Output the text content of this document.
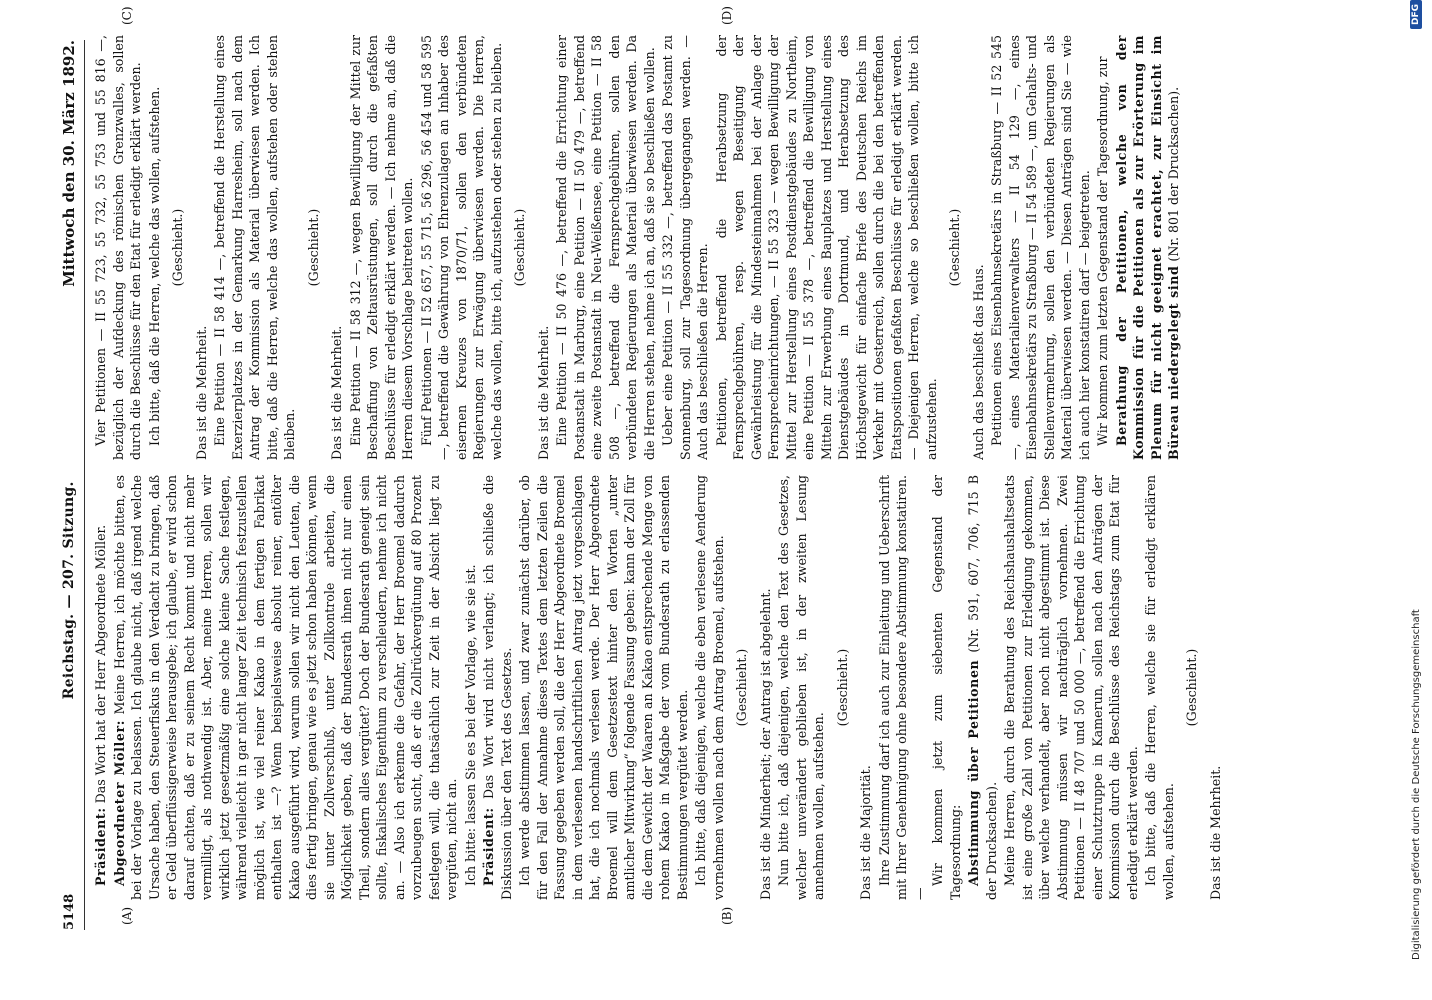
5148
Reichstag. — 207. Sitzung.
Mittwoch den 30. März 1892.
(A)	(B)
(C)	(D)

Präsident: Das Wort hat der Herr Abgeordnete Möller. Abgeordneter Möller: Meine Herren, ich möchte bitten, es bei der Vorlage zu belassen. Ich glaube nicht, daß irgend welche Ursache haben, den Steuerfiskus in den Verdacht zu bringen, daß er Geld überflüssigerweise herausgebe; ich glaube, er wird schon darauf achten, daß er zu seinem Recht kommt und nicht mehr vermilligt, als nothwendig ist. Aber, meine Herren, sollen wir wirklich jetzt gesetzmäßig eine solche kleine Sache festlegen, während vielleicht in gar nicht langer Zeit technisch festzustellen möglich ist, wie viel reiner Kakao in dem fertigen Fabrikat enthalten ist —? Wenn beispielsweise absolut reiner, entölter Kakao ausgeführt wird, warum sollen wir nicht den Leuten, die dies fertig bringen, genau wie es jetzt schon haben können, wenn sie unter Zollverschluß, unter Zollkontrole arbeiten, die Möglichkeit geben, daß der Bundesrath ihnen nicht nur einen Theil, sondern alles vergütet? Doch der Bundesrath geneigt sein sollte, fiskalisches Eigenthum zu verschleudern, nehme ich nicht an. — Also ich erkenne die Gefahr, der Herr Broemel dadurch vorzubeugen sucht, daß er die Zollrückvergütung auf 80 Prozent festlegen will, die thatsächlich zur Zeit in der Absicht liegt zu vergüten, nicht an. Ich bitte: lassen Sie es bei der Vorlage, wie sie ist. Präsident: Das Wort wird nicht verlangt; ich schließe die Diskussion über den Text des Gesetzes. Ich werde abstimmen lassen, und zwar zunächst darüber, ob für den Fall der Annahme dieses Textes dem letzten Zeilen die Fassung gegeben werden soll, die der Herr Abgeordnete Broemel in dem verlesenen handschriftlichen Antrag jetzt vorgeschlagen hat, die ich nochmals verlesen werde. Der Herr Abgeordnete Broemel will dem Gesetzestext hinter den Worten „unter amtlicher Mitwirkung“ folgende Fassung geben: kann der Zoll für die dem Gewicht der Waaren an Kakao entsprechende Menge von rohem Kakao in Maßgabe der vom Bundesrath zu erlassenden Bestimmungen vergütet werden. Ich bitte, daß diejenigen, welche die eben verlesene Aenderung vornehmen wollen nach dem Antrag Broemel, aufstehen. (Geschieht.) Das ist die Minderheit; der Antrag ist abgelehnt. Nun bitte ich, daß diejenigen, welche den Text des Gesetzes, welcher unverändert geblieben ist, in der zweiten Lesung annehmen wollen, aufstehen.

(Geschieht.)

Das ist die Majorität. Ihre Zustimmung darf ich auch zur Einleitung und Ueberschrift mit Ihrer Genehmigung ohne besondere Abstimmung konstatiren. —

Wir kommen jetzt zum siebenten Gegenstand der Tagesordnung: Abstimmung über Petitionen (Nr. 591, 607, 706, 715 B der Drucksachen). Meine Herren, durch die Berathung des Reichshaushaltsetats ist eine große Zahl von Petitionen zur Erledigung gekommen, über welche verhandelt, aber noch nicht abgestimmt ist. Diese Abstimmung müssen wir nachträglich vornehmen. Zwei Petitionen — II 48 707 und 50 000 —, betreffend die Errichtung einer Schutztruppe in Kamerun, sollen nach den Anträgen der Kommission durch die Beschlüsse des Reichstags zum Etat für erledigt erklärt werden. Ich bitte, daß die Herren, welche sie für erledigt erklären wollen, aufstehen.

(Geschieht.)

Das ist die Mehrheit.

Vier Petitionen — II 55 723, 55 732, 55 753 und 55 816 —, bezüglich der Aufdeckung des römischen Grenzwalles, sollen durch die Beschlüsse für den Etat für erledigt erklärt werden. Ich bitte, daß die Herren, welche das wollen, aufstehen. (Geschieht.)

Das ist die Mehrheit. Eine Petition — II 58 414 —, betreffend die Herstellung eines Exerzierplatzes in der Gemarkung Harresheim, soll nach dem Antrag der Kommission als Material überwiesen werden. Ich bitte, daß die Herren, welche das wollen, aufstehen oder stehen bleiben.

(Geschieht.)

Das ist die Mehrheit. Eine Petition — II 58 312 —, wegen Bewilligung der Mittel zur Beschaffung von Zeltausrüstungen, soll durch die gefaßten Beschlüsse für erledigt erklärt werden. — Ich nehme an, daß die Herren diesem Vorschlage beitreten wollen. Fünf Petitionen — II 52 657, 55 715, 56 296, 56 454 und 58 595 —, betreffend die Gewährung von Ehrenzulagen an Inhaber des eisernen Kreuzes von 1870/71, sollen den verbündeten Regierungen zur Erwägung überwiesen werden. Die Herren, welche das wollen, bitte ich, aufzustehen oder stehen zu bleiben. (Geschieht.)

Das ist die Mehrheit. Eine Petition — II 50 476 —, betreffend die Errichtung einer Postanstalt in Marburg, eine Petition — II 50 479 —, betreffend eine zweite Postanstalt in Neu-Weißensee, eine Petition — II 58 508 —, betreffend die Fernsprechgebühren, sollen den verbündeten Regierungen als Material überwiesen werden. Da die Herren stehen, nehme ich an, daß sie so beschließen wollen. Ueber eine Petition — II 55 332 —, betreffend das Postamt zu Sonnenburg, soll zur Tagesordnung übergegangen werden. — Auch das beschließen die Herren. Petitionen, betreffend die Herabsetzung der Fernsprechgebühren, resp. wegen Beseitigung der Gewährleistung für die Mindesteinnahmen bei der Anlage der Fernsprecheinrichtungen, — II 55 323 — wegen Bewilligung der Mittel zur Herstellung eines Postdienstgebäudes zu Northeim, eine Petition — II 55 378 —, betreffend die Bewilligung von Mitteln zur Erwerbung eines Bauplatzes und Herstellung eines Dienstgebäudes in Dortmund, und Herabsetzung des Höchstgewicht für einfache Briefe des Deutschen Reichs im Verkehr mit Oesterreich, sollen durch die bei den betreffenden Etatspositionen gefaßten Beschlüsse für erledigt erklärt werden. — Diejenigen Herren, welche so beschließen wollen, bitte ich aufzustehen.

(Geschieht.)

Auch das beschließt das Haus. Petitionen eines Eisenbahnsekretärs in Straßburg — II 52 545 —, eines Materialienverwalters — II 54 129 —, eines Eisenbahnsekretärs zu Straßburg — II 54 589 —, um Gehalts- und Stellenvermehrung, sollen den verbündeten Regierungen als Material überwiesen werden. — Diesen Anträgen sind Sie — wie ich auch hier konstatiren darf — beigetreten. Wir kommen zum letzten Gegenstand der Tagesordnung, zur Berathung der Petitionen, welche von der Kommission für die Petitionen als zur Erörterung im Plenum für nicht geeignet erachtet, zur Einsicht im Büreau niedergelegt sind (Nr. 801 der Drucksachen).

Digitalisierung gefördert durch die Deutsche Forschungsgemeinschaft
DFG
